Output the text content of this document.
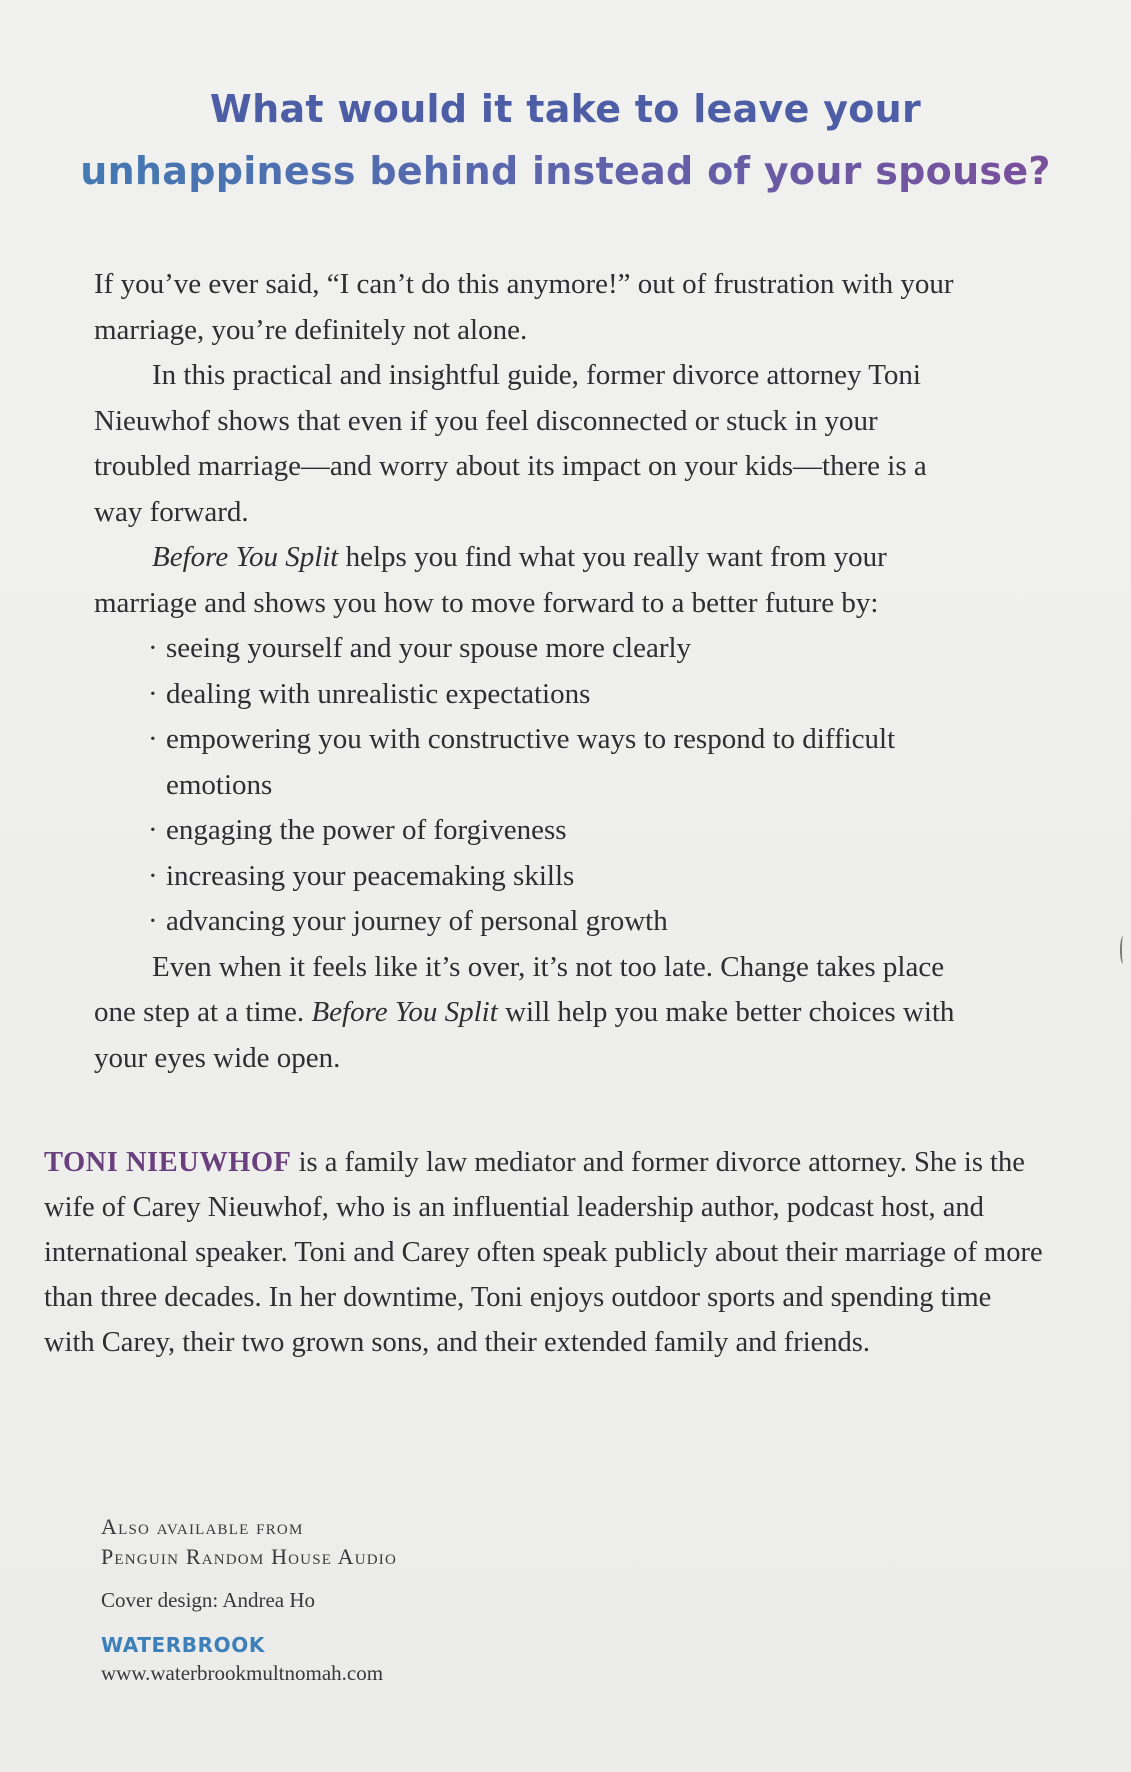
What would it take to leave your
unhappiness behind instead of your spouse?

If you’ve ever said, “I can’t do this anymore!” out of frustration with your marriage, you’re definitely not alone.

In this practical and insightful guide, former divorce attorney Toni Nieuwhof shows that even if you feel disconnected or stuck in your troubled marriage—and worry about its impact on your kids—there is a way forward.

Before You Split helps you find what you really want from your marriage and shows you how to move forward to a better future by:

· seeing yourself and your spouse more clearly
· dealing with unrealistic expectations
· empowering you with constructive ways to respond to difficult emotions
· engaging the power of forgiveness
· increasing your peacemaking skills
· advancing your journey of personal growth

Even when it feels like it’s over, it’s not too late. Change takes place one step at a time. Before You Split will help you make better choices with your eyes wide open.

TONI NIEUWHOF is a family law mediator and former divorce attorney. She is the wife of Carey Nieuwhof, who is an influential leadership author, podcast host, and international speaker. Toni and Carey often speak publicly about their marriage of more than three decades. In her downtime, Toni enjoys outdoor sports and spending time with Carey, their two grown sons, and their extended family and friends.

Also available from
Penguin Random House Audio
Cover design: Andrea Ho
WATERBROOK
www.waterbrookmultnomah.com
